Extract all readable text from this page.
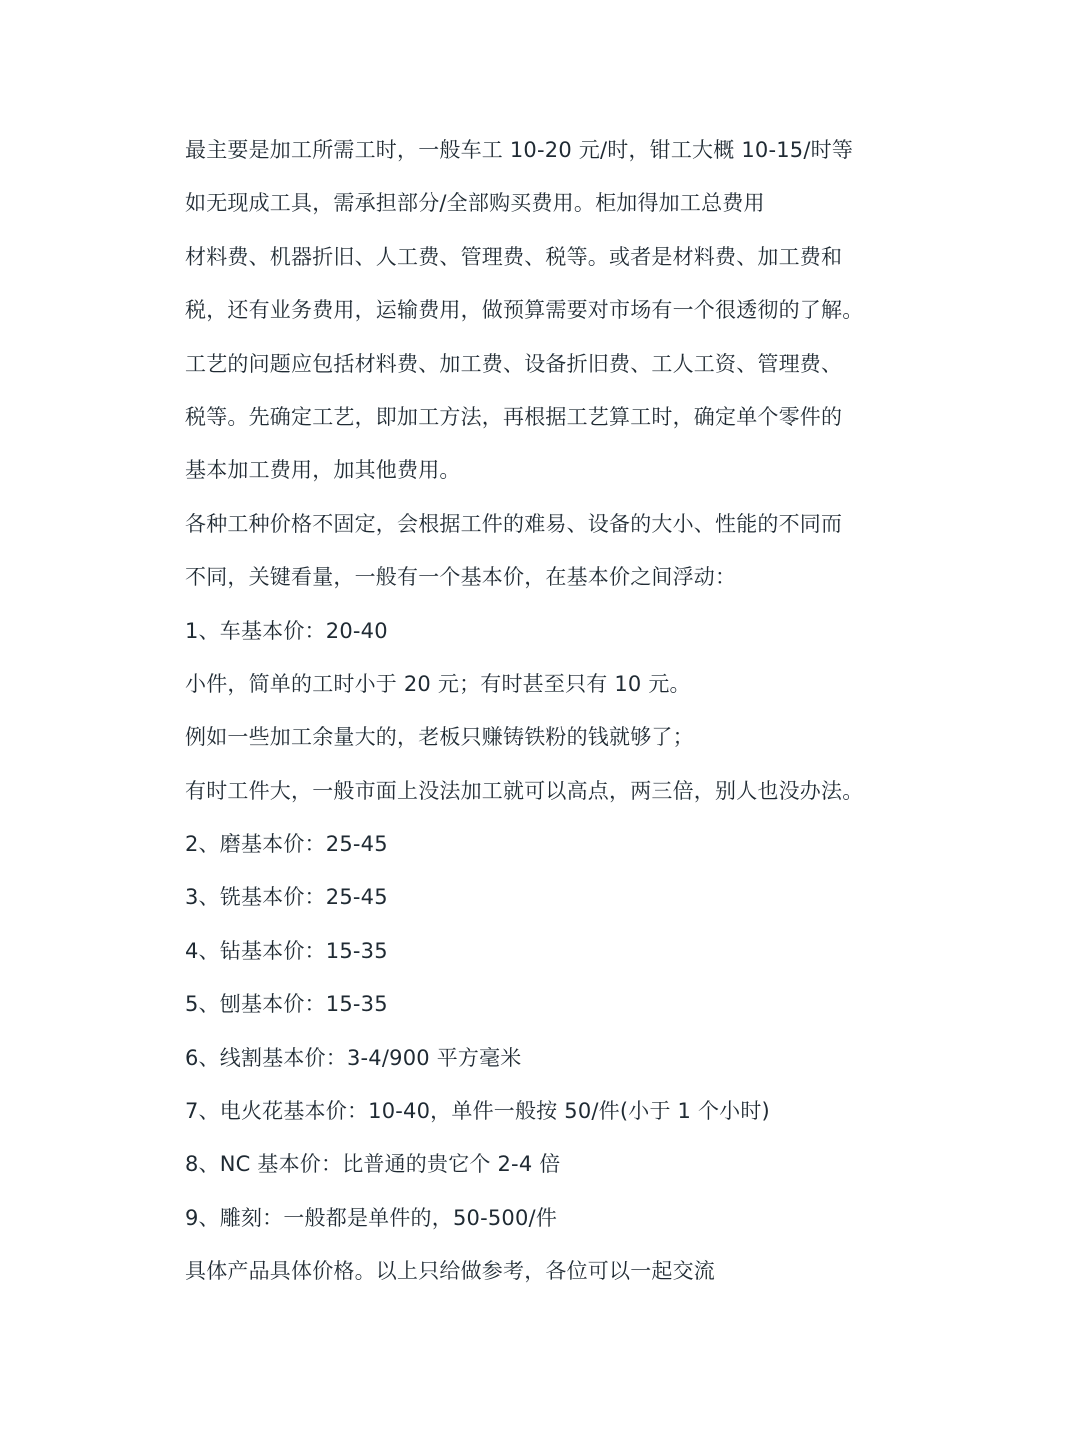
最主要是加工所需工时，一般车工 10-20 元/时，钳工大概 10-15/时等
如无现成工具，需承担部分/全部购买费用。柜加得加工总费用
材料费、机器折旧、人工费、管理费、税等。或者是材料费、加工费和
税，还有业务费用，运输费用，做预算需要对市场有一个很透彻的了解。
工艺的问题应包括材料费、加工费、设备折旧费、工人工资、管理费、
税等。先确定工艺，即加工方法，再根据工艺算工时，确定单个零件的
基本加工费用，加其他费用。
各种工种价格不固定，会根据工件的难易、设备的大小、性能的不同而
不同，关键看量，一般有一个基本价，在基本价之间浮动：
1、车基本价：20-40
小件，简单的工时小于 20 元；有时甚至只有 10 元。
例如一些加工余量大的，老板只赚铸铁粉的钱就够了；
有时工件大，一般市面上没法加工就可以高点，两三倍，别人也没办法。
2、磨基本价：25-45
3、铣基本价：25-45
4、钻基本价：15-35
5、刨基本价：15-35
6、线割基本价：3-4/900 平方毫米
7、电火花基本价：10-40，单件一般按 50/件(小于 1 个小时)
8、NC 基本价：比普通的贵它个 2-4 倍
9、雕刻：一般都是单件的，50-500/件
具体产品具体价格。以上只给做参考，各位可以一起交流
